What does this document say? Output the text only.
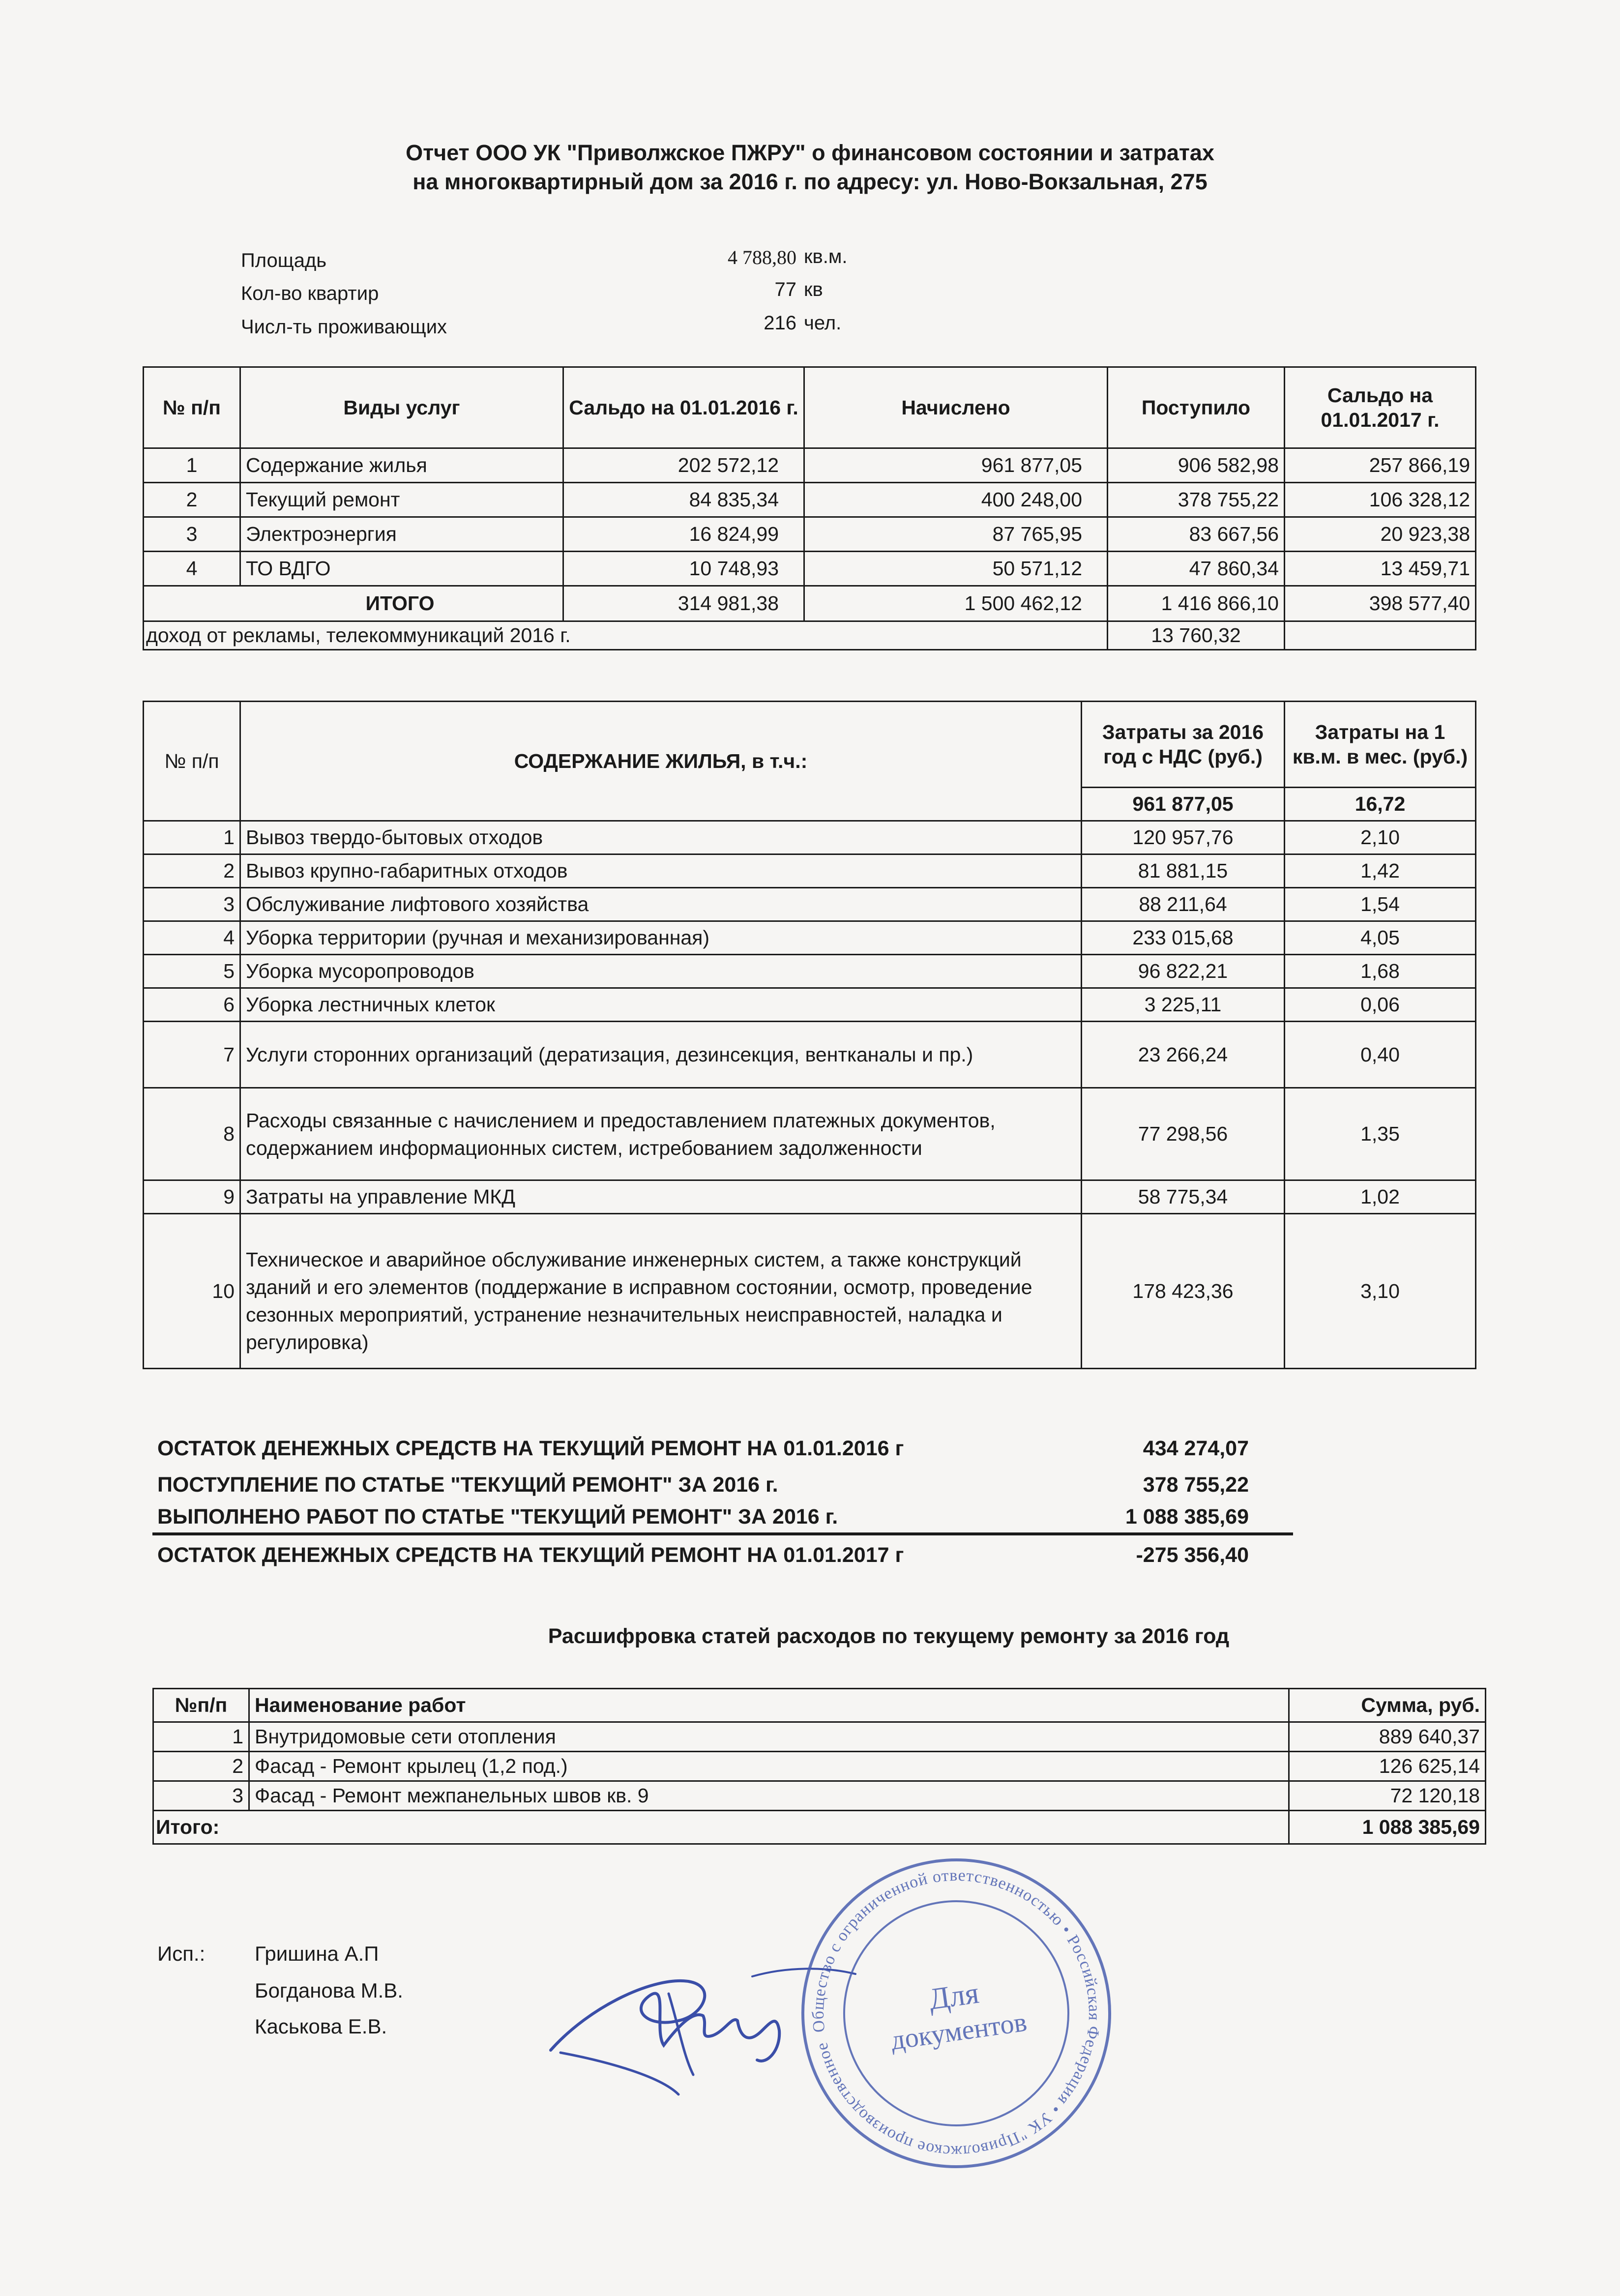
Отчет ООО УК "Приволжское ПЖРУ" о финансовом состоянии и затратах
на многоквартирный дом за 2016 г. по адресу: ул. Ново-Вокзальная, 275
Площадь	4 788,80 кв.м.
Кол-во квартир	77 кв
Числ-ть проживающих	216 чел.
№ п/п	Виды услуг	Сальдо на 01.01.2016 г.	Начислено	Поступило	Сальдо на 01.01.2017 г.
1	Содержание жилья	202 572,12	961 877,05	906 582,98	257 866,19
2	Текущий ремонт	84 835,34	400 248,00	378 755,22	106 328,12
3	Электроэнергия	16 824,99	87 765,95	83 667,56	20 923,38
4	ТО ВДГО	10 748,93	50 571,12	47 860,34	13 459,71
ИТОГО		314 981,38	1 500 462,12	1 416 866,10	398 577,40
доход от рекламы, телекоммуникаций 2016 г.				13 760,32	
№ п/п	СОДЕРЖАНИЕ ЖИЛЬЯ, в т.ч.:	Затраты за 2016 год с НДС (руб.)	Затраты на 1 кв.м. в мес. (руб.)
		961 877,05	16,72
1	Вывоз твердо-бытовых отходов	120 957,76	2,10
2	Вывоз крупно-габаритных отходов	81 881,15	1,42
3	Обслуживание лифтового хозяйства	88 211,64	1,54
4	Уборка территории (ручная и механизированная)	233 015,68	4,05
5	Уборка мусоропроводов	96 822,21	1,68
6	Уборка лестничных клеток	3 225,11	0,06
7	Услуги сторонних организаций (дератизация, дезинсекция, вентканалы и пр.)	23 266,24	0,40
8	Расходы связанные с начислением и предоставлением платежных документов, содержанием информационных систем, истребованием задолженности	77 298,56	1,35
9	Затраты на управление МКД	58 775,34	1,02
10	Техническое и аварийное обслуживание инженерных систем, а также конструкций зданий и его элементов (поддержание в исправном состоянии, осмотр, проведение сезонных мероприятий, устранение незначительных неисправностей, наладка и регулировка)	178 423,36	3,10
ОСТАТОК ДЕНЕЖНЫХ СРЕДСТВ НА ТЕКУЩИЙ РЕМОНТ НА 01.01.2016 г	434 274,07
ПОСТУПЛЕНИЕ ПО СТАТЬЕ "ТЕКУЩИЙ РЕМОНТ" ЗА 2016 г.	378 755,22
ВЫПОЛНЕНО РАБОТ ПО СТАТЬЕ "ТЕКУЩИЙ РЕМОНТ" ЗА 2016 г.	1 088 385,69
ОСТАТОК ДЕНЕЖНЫХ СРЕДСТВ НА ТЕКУЩИЙ РЕМОНТ НА 01.01.2017 г	-275 356,40
Расшифровка статей расходов по текущему ремонту за 2016 год
№п/п	Наименование работ	Сумма, руб.
1	Внутридомовые сети отопления	889 640,37
2	Фасад - Ремонт крылец (1,2 под.)	126 625,14
3	Фасад - Ремонт межпанельных швов кв. 9	72 120,18
Итого:		1 088 385,69
Исп.: Гришина А.П
Богданова М.В.
Каськова Е.В.	Общество с ограниченной ответственностью • Российская Федерация • УК "Приволжское производственное
Для
документов
